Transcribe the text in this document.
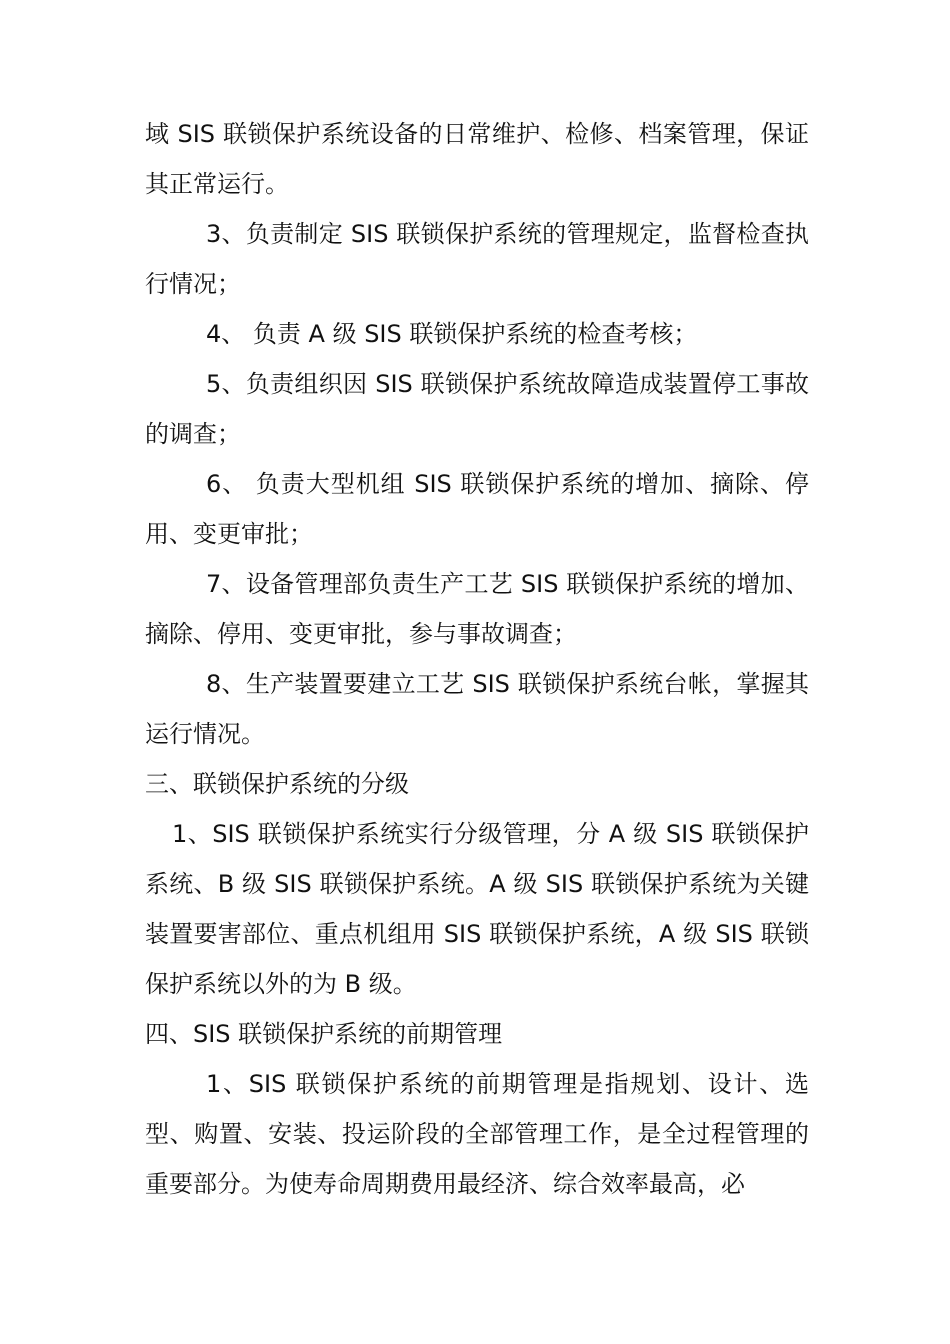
域 SIS 联锁保护系统设备的日常维护、检修、档案管理，保证其正常运行。

3、负责制定 SIS 联锁保护系统的管理规定，监督检查执行情况；

4、 负责 A 级 SIS 联锁保护系统的检查考核；

5、负责组织因 SIS 联锁保护系统故障造成装置停工事故的调查；

6、 负责大型机组 SIS 联锁保护系统的增加、摘除、停用、变更审批；

7、设备管理部负责生产工艺 SIS 联锁保护系统的增加、摘除、停用、变更审批，参与事故调查；

8、生产装置要建立工艺 SIS 联锁保护系统台帐，掌握其运行情况。

三、联锁保护系统的分级

1、SIS 联锁保护系统实行分级管理，分 A 级 SIS 联锁保护系统、B 级 SIS 联锁保护系统。A 级 SIS 联锁保护系统为关键装置要害部位、重点机组用 SIS 联锁保护系统，A 级 SIS 联锁保护系统以外的为 B 级。

四、SIS 联锁保护系统的前期管理

1、SIS 联锁保护系统的前期管理是指规划、设计、选型、购置、安装、投运阶段的全部管理工作，是全过程管理的重要部分。为使寿命周期费用最经济、综合效率最高，必
